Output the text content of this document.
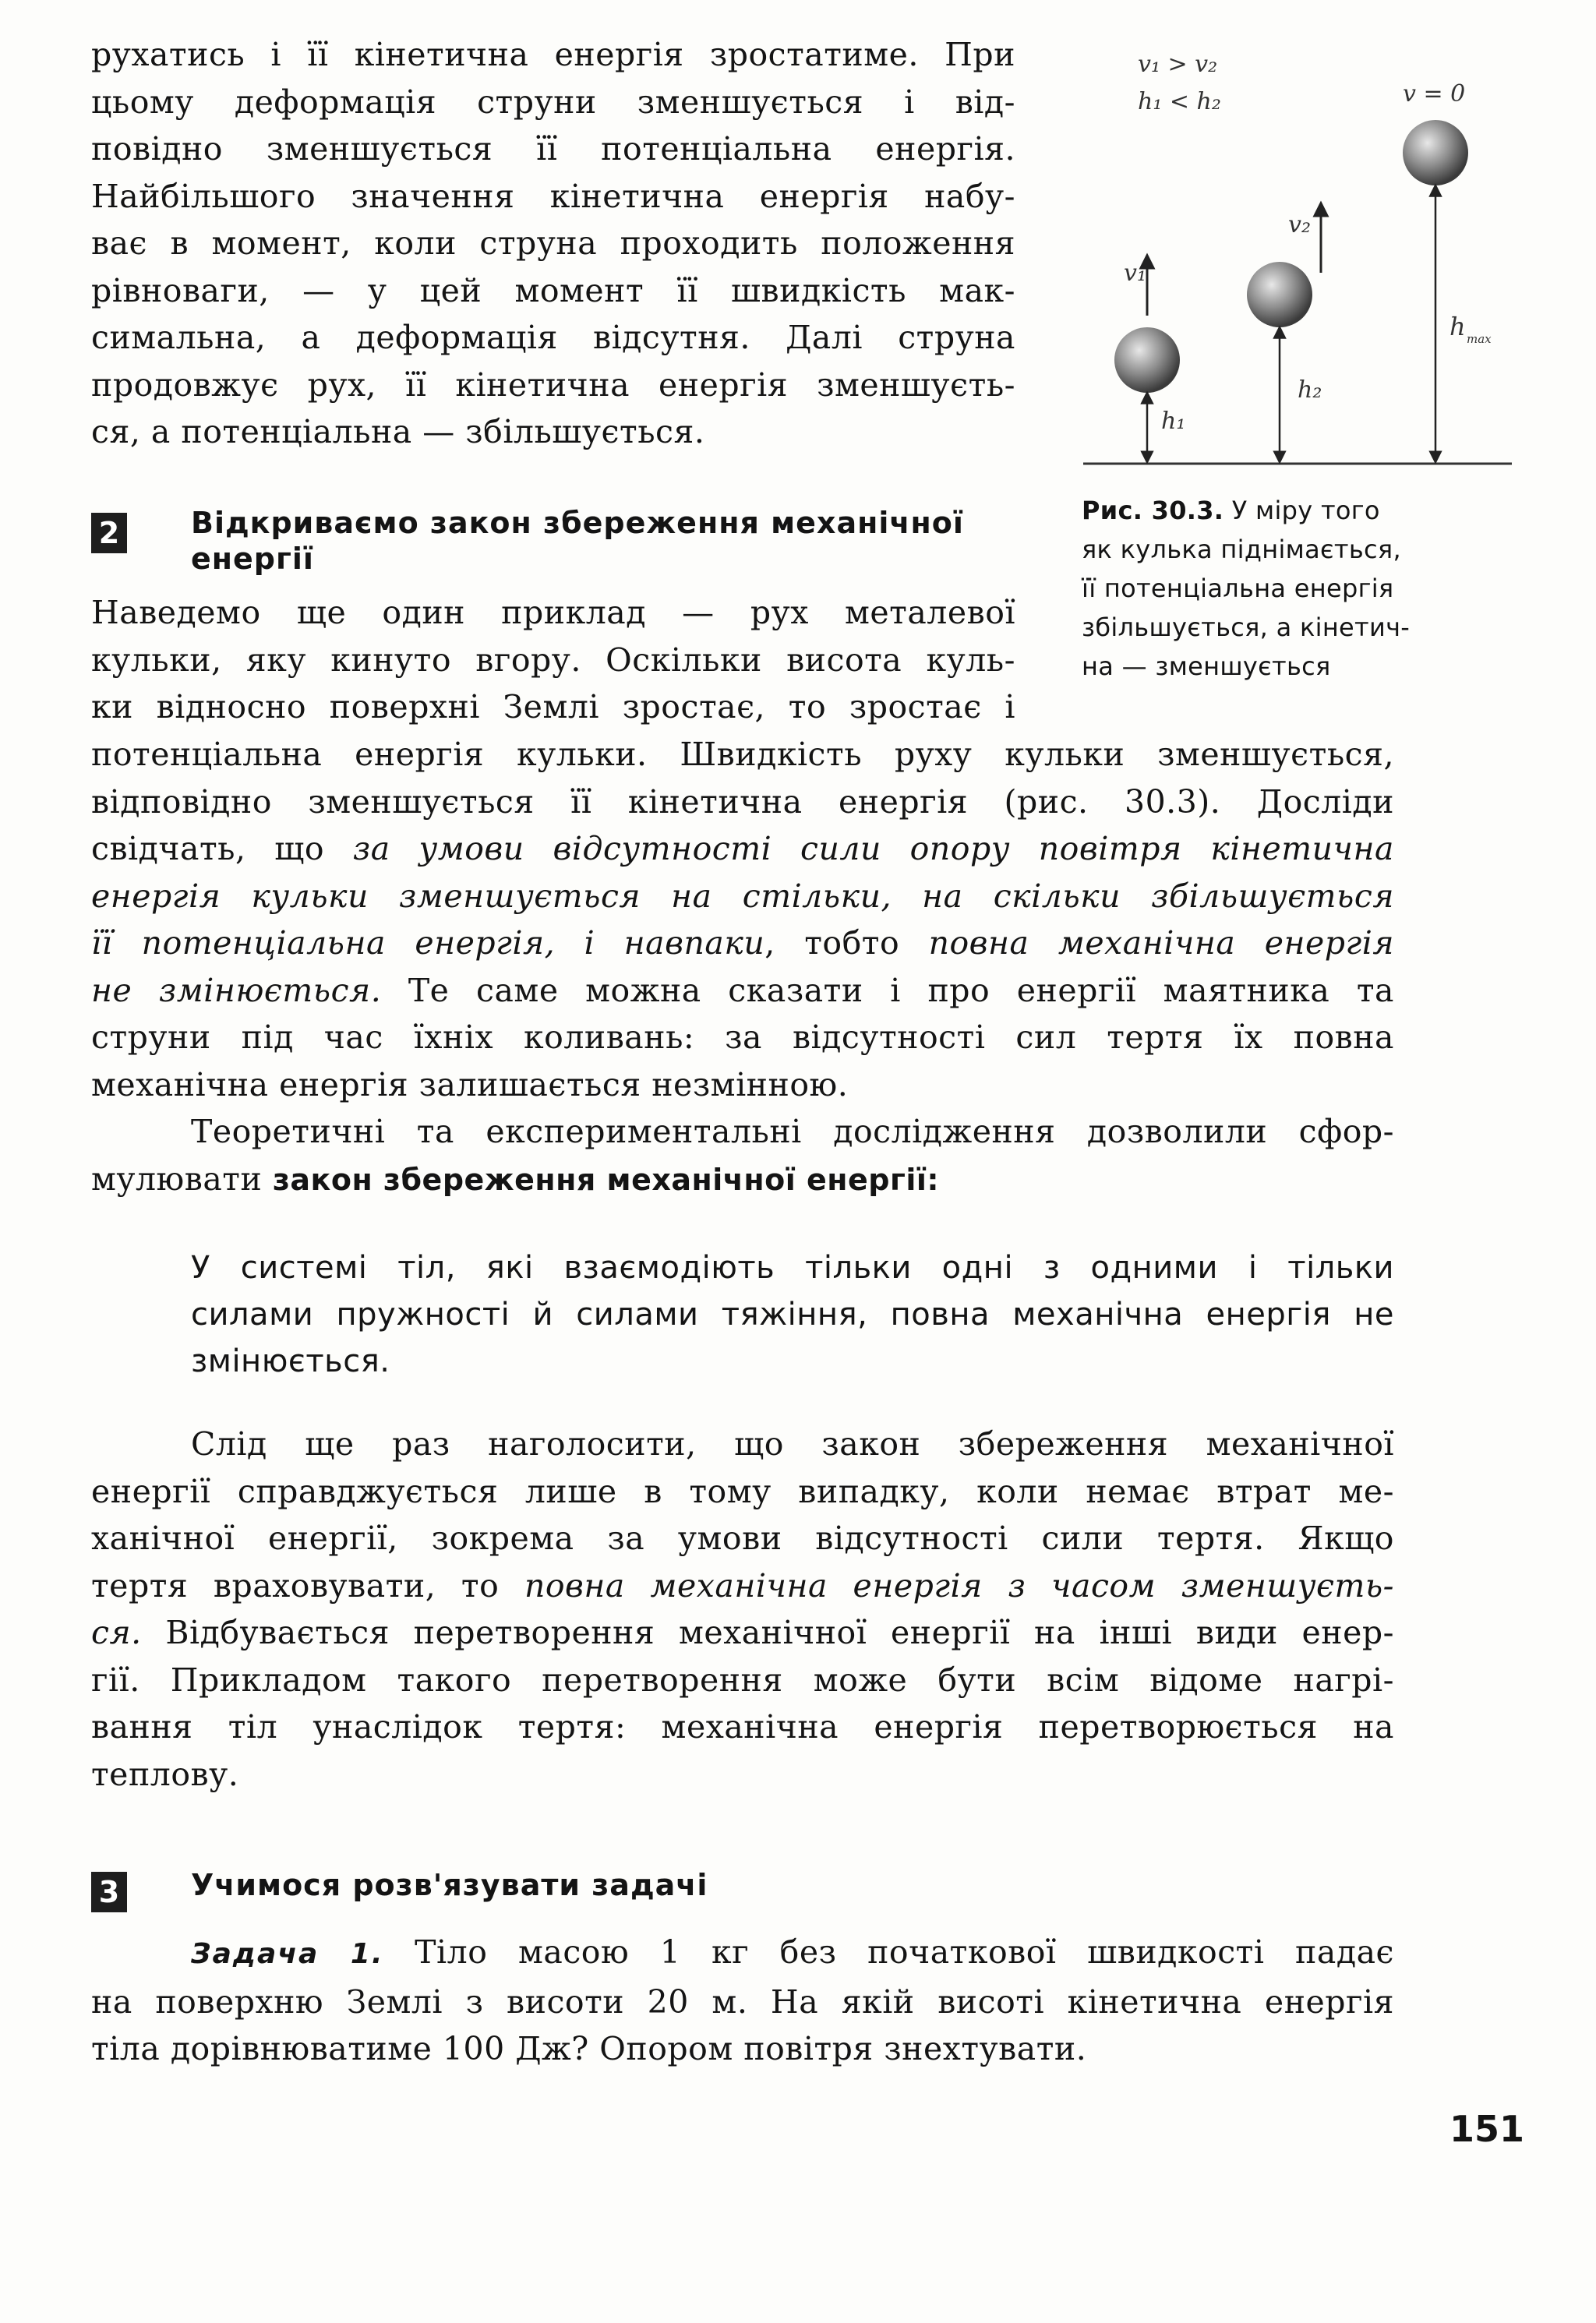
рухатись і її кінетична енергія зростатиме. При
цьому деформація струни зменшується і від-
повідно зменшується її потенціальна енергія.
Найбільшого значення кінетична енергія набу-
ває в момент, коли струна проходить положення
рівноваги, — у цей момент її швидкість мак-
симальна, а деформація відсутня. Далі струна
продовжує рух, її кінетична енергія зменшуєть-
ся, а потенціальна — збільшується.
v₁ > v₂
h₁ < h₂	v = 0
v₁
v₂
h₁
h₂
h max
Рис. 30.3. У міру того
як кулька піднімається,
її потенціальна енергія
збільшується, а кінетич-
на — зменшується
2 Відкриваємо закон збереження механічної
енергії
Наведемо ще один приклад — рух металевої
кульки, яку кинуто вгору. Оскільки висота куль-
ки відносно поверхні Землі зростає, то зростає і
потенціальна енергія кульки. Швидкість руху кульки зменшується,
відповідно зменшується її кінетична енергія (рис. 30.3). Досліди
свідчать, що за умови відсутності сили опору повітря кінетична
енергія кульки зменшується на стільки, на скільки збільшується
її потенціальна енергія, і навпаки, тобто повна механічна енергія
не змінюється. Те саме можна сказати і про енергії маятника та
струни під час їхніх коливань: за відсутності сил тертя їх повна
механічна енергія залишається незмінною.
Теоретичні та експериментальні дослідження дозволили сфор-
мулювати закон збереження механічної енергії:
У системі тіл, які взаємодіють тільки одні з одними і тільки
силами пружності й силами тяжіння, повна механічна енергія не
змінюється.
Слід ще раз наголосити, що закон збереження механічної
енергії справджується лише в тому випадку, коли немає втрат ме-
ханічної енергії, зокрема за умови відсутності сили тертя. Якщо
тертя враховувати, то повна механічна енергія з часом зменшуєть-
ся. Відбувається перетворення механічної енергії на інші види енер-
гії. Прикладом такого перетворення може бути всім відоме нагрі-
вання тіл унаслідок тертя: механічна енергія перетворюється на
теплову.
3 Учимося розв'язувати задачі
Задача 1. Тіло масою 1 кг без початкової швидкості падає
на поверхню Землі з висоти 20 м. На якій висоті кінетична енергія
тіла дорівнюватиме 100 Дж? Опором повітря знехтувати.
151
